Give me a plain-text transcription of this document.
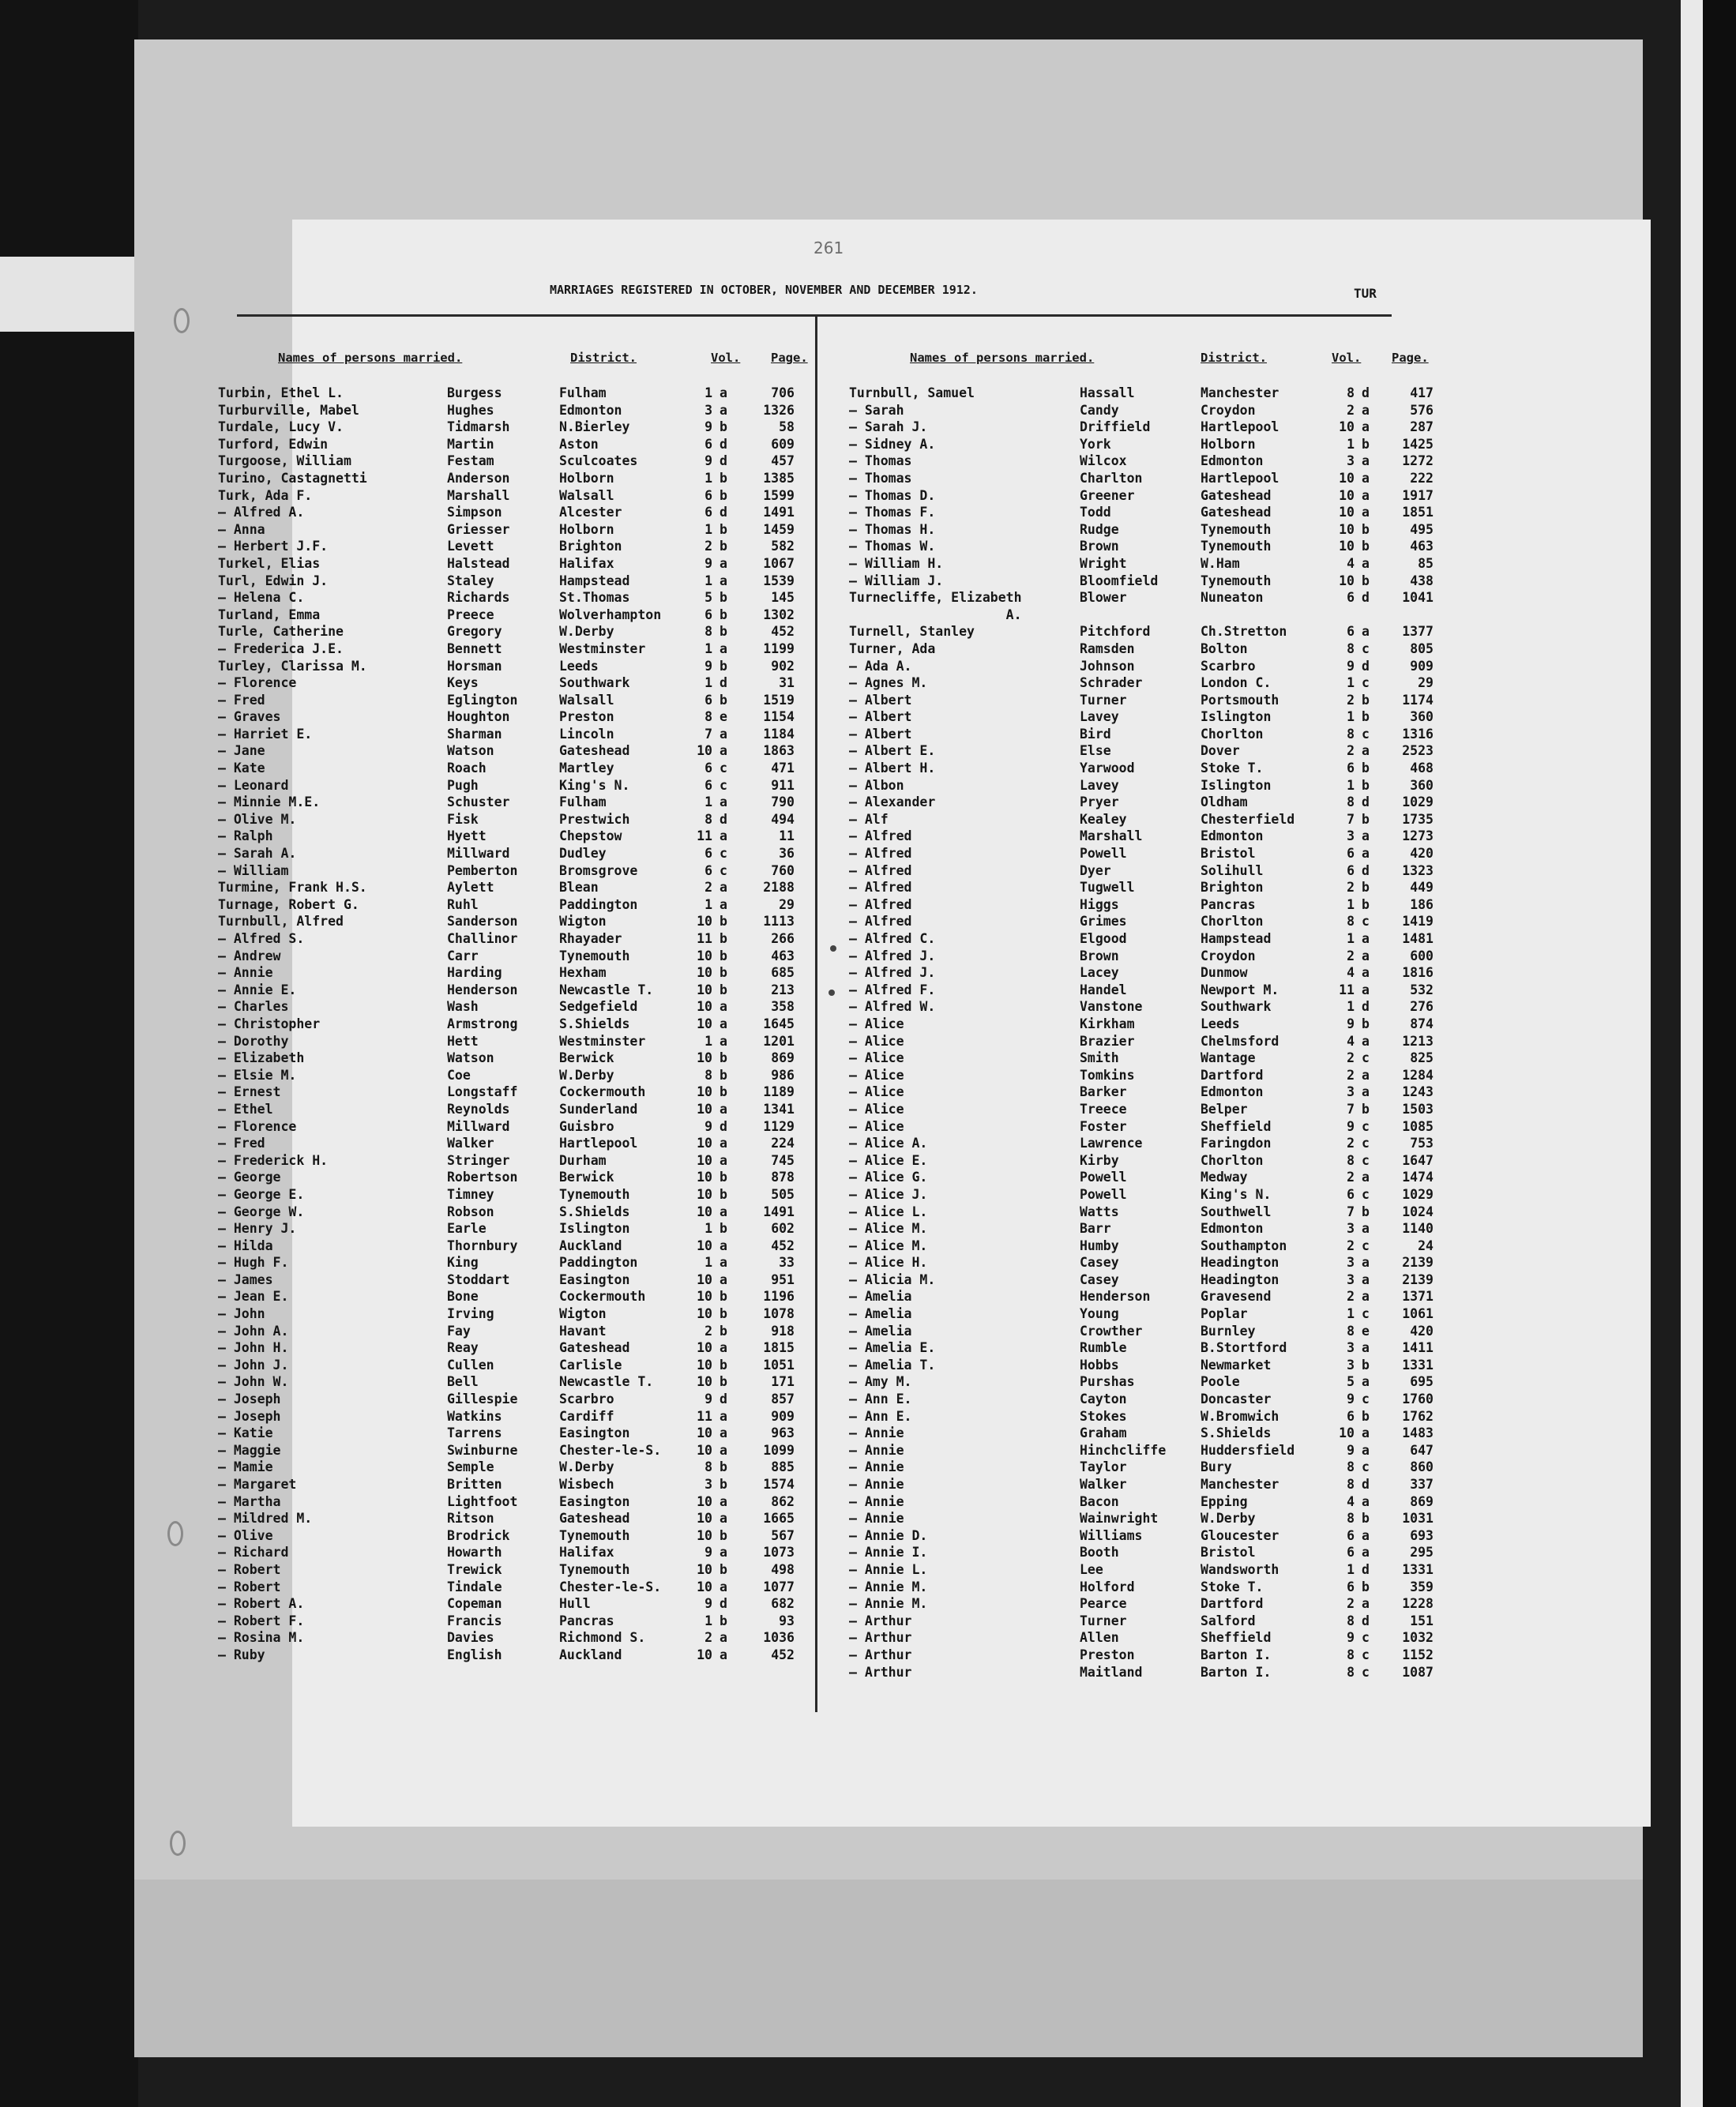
261
MARRIAGES REGISTERED IN OCTOBER, NOVEMBER AND DECEMBER 1912.	TUR
Names of persons married.	District.	Vol. Page.	Names of persons married.	District.	Vol. Page.
Turbin, Ethel L.	Burgess	Fulham	1 a	706
Turburville, Mabel	Hughes	Edmonton	3 a	1326
Turdale, Lucy V.	Tidmarsh	N.Bierley	9 b	58
Turford, Edwin	Martin	Aston	6 d	609
Turgoose, William	Festam	Sculcoates	9 d	457
Turino, Castagnetti	Anderson	Holborn	1 b	1385
Turk, Ada F.	Marshall	Walsall	6 b	1599
— Alfred A.	Simpson	Alcester	6 d	1491
— Anna	Griesser	Holborn	1 b	1459
— Herbert J.F.	Levett	Brighton	2 b	582
Turkel, Elias	Halstead	Halifax	9 a	1067
Turl, Edwin J.	Staley	Hampstead	1 a	1539
— Helena C.	Richards	St.Thomas	5 b	145
Turland, Emma	Preece	Wolverhampton	6 b	1302
Turle, Catherine	Gregory	W.Derby	8 b	452
— Frederica J.E.	Bennett	Westminster	1 a	1199
Turley, Clarissa M.	Horsman	Leeds	9 b	902
— Florence	Keys	Southwark	1 d	31
— Fred	Eglington	Walsall	6 b	1519
— Graves	Houghton	Preston	8 e	1154
— Harriet E.	Sharman	Lincoln	7 a	1184
— Jane	Watson	Gateshead	10 a	1863
— Kate	Roach	Martley	6 c	471
— Leonard	Pugh	King's N.	6 c	911
— Minnie M.E.	Schuster	Fulham	1 a	790
— Olive M.	Fisk	Prestwich	8 d	494
— Ralph	Hyett	Chepstow	11 a	11
— Sarah A.	Millward	Dudley	6 c	36
— William	Pemberton	Bromsgrove	6 c	760
Turmine, Frank H.S.	Aylett	Blean	2 a	2188
Turnage, Robert G.	Ruhl	Paddington	1 a	29
Turnbull, Alfred	Sanderson	Wigton	10 b	1113
— Alfred S.	Challinor	Rhayader	11 b	266
— Andrew	Carr	Tynemouth	10 b	463
— Annie	Harding	Hexham	10 b	685
— Annie E.	Henderson	Newcastle T.	10 b	213
— Charles	Wash	Sedgefield	10 a	358
— Christopher	Armstrong	S.Shields	10 a	1645
— Dorothy	Hett	Westminster	1 a	1201
— Elizabeth	Watson	Berwick	10 b	869
— Elsie M.	Coe	W.Derby	8 b	986
— Ernest	Longstaff	Cockermouth	10 b	1189
— Ethel	Reynolds	Sunderland	10 a	1341
— Florence	Millward	Guisbro	9 d	1129
— Fred	Walker	Hartlepool	10 a	224
— Frederick H.	Stringer	Durham	10 a	745
— George	Robertson	Berwick	10 b	878
— George E.	Timney	Tynemouth	10 b	505
— George W.	Robson	S.Shields	10 a	1491
— Henry J.	Earle	Islington	1 b	602
— Hilda	Thornbury	Auckland	10 a	452
— Hugh F.	King	Paddington	1 a	33
— James	Stoddart	Easington	10 a	951
— Jean E.	Bone	Cockermouth	10 b	1196
— John	Irving	Wigton	10 b	1078
— John A.	Fay	Havant	2 b	918
— John H.	Reay	Gateshead	10 a	1815
— John J.	Cullen	Carlisle	10 b	1051
— John W.	Bell	Newcastle T.	10 b	171
— Joseph	Gillespie	Scarbro	9 d	857
— Joseph	Watkins	Cardiff	11 a	909
— Katie	Tarrens	Easington	10 a	963
— Maggie	Swinburne	Chester-le-S.	10 a	1099
— Mamie	Semple	W.Derby	8 b	885
— Margaret	Britten	Wisbech	3 b	1574
— Martha	Lightfoot	Easington	10 a	862
— Mildred M.	Ritson	Gateshead	10 a	1665
— Olive	Brodrick	Tynemouth	10 b	567
— Richard	Howarth	Halifax	9 a	1073
— Robert	Trewick	Tynemouth	10 b	498
— Robert	Tindale	Chester-le-S.	10 a	1077
— Robert A.	Copeman	Hull	9 d	682
— Robert F.	Francis	Pancras	1 b	93
— Rosina M.	Davies	Richmond S.	2 a	1036
— Ruby	English	Auckland	10 a	452
Turnbull, Samuel	Hassall	Manchester	8 d	417
— Sarah	Candy	Croydon	2 a	576
— Sarah J.	Driffield	Hartlepool	10 a	287
— Sidney A.	York	Holborn	1 b	1425
— Thomas	Wilcox	Edmonton	3 a	1272
— Thomas	Charlton	Hartlepool	10 a	222
— Thomas D.	Greener	Gateshead	10 a	1917
— Thomas F.	Todd	Gateshead	10 a	1851
— Thomas H.	Rudge	Tynemouth	10 b	495
— Thomas W.	Brown	Tynemouth	10 b	463
— William H.	Wright	W.Ham	4 a	85
— William J.	Bloomfield	Tynemouth	10 b	438
Turnecliffe, Elizabeth	Blower	Nuneaton	6 d	1041
A.
Turnell, Stanley	Pitchford	Ch.Stretton	6 a	1377
Turner, Ada	Ramsden	Bolton	8 c	805
— Ada A.	Johnson	Scarbro	9 d	909
— Agnes M.	Schrader	London C.	1 c	29
— Albert	Turner	Portsmouth	2 b	1174
— Albert	Lavey	Islington	1 b	360
— Albert	Bird	Chorlton	8 c	1316
— Albert E.	Else	Dover	2 a	2523
— Albert H.	Yarwood	Stoke T.	6 b	468
— Albon	Lavey	Islington	1 b	360
— Alexander	Pryer	Oldham	8 d	1029
— Alf	Kealey	Chesterfield	7 b	1735
— Alfred	Marshall	Edmonton	3 a	1273
— Alfred	Powell	Bristol	6 a	420
— Alfred	Dyer	Solihull	6 d	1323
— Alfred	Tugwell	Brighton	2 b	449
— Alfred	Higgs	Pancras	1 b	186
— Alfred	Grimes	Chorlton	8 c	1419
— Alfred C.	Elgood	Hampstead	1 a	1481
— Alfred J.	Brown	Croydon	2 a	600
— Alfred J.	Lacey	Dunmow	4 a	1816
— Alfred F.	Handel	Newport M.	11 a	532
— Alfred W.	Vanstone	Southwark	1 d	276
— Alice	Kirkham	Leeds	9 b	874
— Alice	Brazier	Chelmsford	4 a	1213
— Alice	Smith	Wantage	2 c	825
— Alice	Tomkins	Dartford	2 a	1284
— Alice	Barker	Edmonton	3 a	1243
— Alice	Treece	Belper	7 b	1503
— Alice	Foster	Sheffield	9 c	1085
— Alice A.	Lawrence	Faringdon	2 c	753
— Alice E.	Kirby	Chorlton	8 c	1647
— Alice G.	Powell	Medway	2 a	1474
— Alice J.	Powell	King's N.	6 c	1029
— Alice L.	Watts	Southwell	7 b	1024
— Alice M.	Barr	Edmonton	3 a	1140
— Alice M.	Humby	Southampton	2 c	24
— Alice H.	Casey	Headington	3 a	2139
— Alicia M.	Casey	Headington	3 a	2139
— Amelia	Henderson	Gravesend	2 a	1371
— Amelia	Young	Poplar	1 c	1061
— Amelia	Crowther	Burnley	8 e	420
— Amelia E.	Rumble	B.Stortford	3 a	1411
— Amelia T.	Hobbs	Newmarket	3 b	1331
— Amy M.	Purshas	Poole	5 a	695
— Ann E.	Cayton	Doncaster	9 c	1760
— Ann E.	Stokes	W.Bromwich	6 b	1762
— Annie	Graham	S.Shields	10 a	1483
— Annie	Hinchcliffe	Huddersfield	9 a	647
— Annie	Taylor	Bury	8 c	860
— Annie	Walker	Manchester	8 d	337
— Annie	Bacon	Epping	4 a	869
— Annie	Wainwright	W.Derby	8 b	1031
— Annie D.	Williams	Gloucester	6 a	693
— Annie I.	Booth	Bristol	6 a	295
— Annie L.	Lee	Wandsworth	1 d	1331
— Annie M.	Holford	Stoke T.	6 b	359
— Annie M.	Pearce	Dartford	2 a	1228
— Arthur	Turner	Salford	8 d	151
— Arthur	Allen	Sheffield	9 c	1032
— Arthur	Preston	Barton I.	8 c	1152
— Arthur	Maitland	Barton I.	8 c	1087
